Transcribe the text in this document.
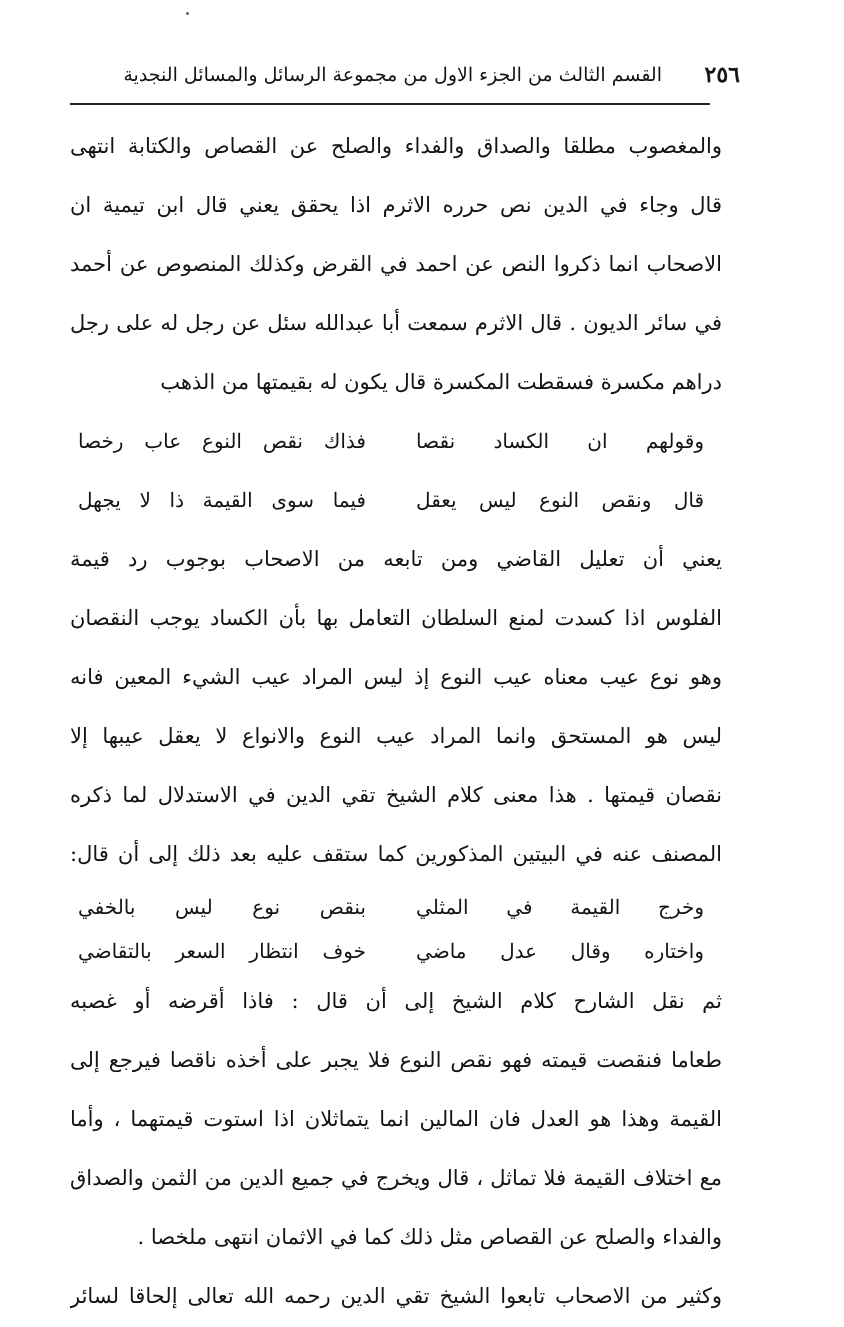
٢٥٦
القسم الثالث من الجزء الاول من مجموعة الرسائل والمسائل النجدية
والمغصوب مطلقا والصداق والفداء والصلح عن القصاص والكتابة انتهى
قال وجاء في الدين نص حرره الاثرم اذا يحقق يعني قال ابن تيمية ان
الاصحاب انما ذكروا النص عن احمد في القرض وكذلك المنصوص عن أحمد
في سائر الديون . قال الاثرم سمعت أبا عبدالله سئل عن رجل له على رجل
دراهم مكسرة فسقطت المكسرة قال يكون له بقيمتها من الذهب
وقولهم ان الكساد نقصا
فذاك نقص النوع عاب رخصا
قال ونقص النوع ليس يعقل
فيما سوى القيمة ذا لا يجهل
يعني أن تعليل القاضي ومن تابعه من الاصحاب بوجوب رد قيمة
الفلوس اذا كسدت لمنع السلطان التعامل بها بأن الكساد يوجب النقصان
وهو نوع عيب معناه عيب النوع إذ ليس المراد عيب الشيء المعين فانه
ليس هو المستحق وانما المراد عيب النوع والانواع لا يعقل عيبها إلا
نقصان قيمتها . هذا معنى كلام الشيخ تقي الدين في الاستدلال لما ذكره
المصنف عنه في البيتين المذكورين كما ستقف عليه بعد ذلك إلى أن قال:
وخرج القيمة في المثلي
بنقص نوع ليس بالخفي
واختاره وقال عدل ماضي
خوف انتظار السعر بالتقاضي
ثم نقل الشارح كلام الشيخ إلى أن قال : فاذا أقرضه أو غصبه
طعاما فنقصت قيمته فهو نقص النوع فلا يجبر على أخذه ناقصا فيرجع إلى
القيمة وهذا هو العدل فان المالين انما يتماثلان اذا استوت قيمتهما ، وأما
مع اختلاف القيمة فلا تماثل ، قال ويخرج في جميع الدين من الثمن والصداق
والفداء والصلح عن القصاص مثل ذلك كما في الاثمان انتهى ملخصا .
وكثير من الاصحاب تابعوا الشيخ تقي الدين رحمه الله تعالى إلحاقا لسائر
